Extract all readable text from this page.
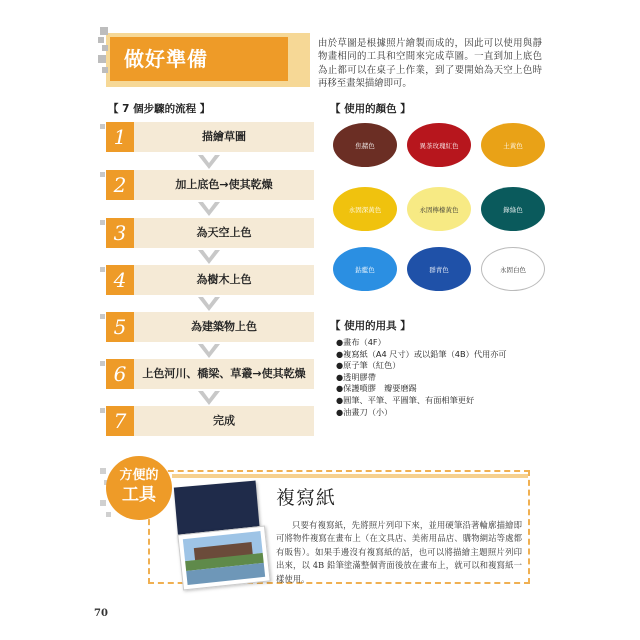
做好準備
由於草圖是根據照片繪製而成的，因此可以使用與靜物畫相同的工具和空間來完成草圖。一直到加上底色為止都可以在桌子上作業，到了要開始為天空上色時再移至畫架描繪即可。
【 7 個步驟的流程 】
1	描繪草圖
2	加上底色→使其乾燥
3	為天空上色
4	為樹木上色
5	為建築物上色
6	上色河川、橋梁、草叢→使其乾燥
7	完成
【 使用的顏色 】
焦赭色	異茶玫瑰紅色	土黃色
永固深黃色	永固檸檬黃色	錄綠色
鈷藍色	群青色	永固白色
【 使用的用具 】
●畫布（4F）
●複寫紙（A4 尺寸）或以鉛筆（4B）代用亦可
●原子筆（紅色）
●透明膠帶
●保護噴膠　瓣要磨踢
●圓筆、平筆、平圓筆、有面相筆更好
●油畫刀（小）
方便的
工具	複寫紙
只要有複寫紙，先將照片列印下來，並用硬筆沿著輪廓描繪即可將物件複寫在畫布上（在文具店、美術用品店、購物網站等處都有販售）。如果手邊沒有複寫紙的話，也可以將描繪主題照片列印出來，以 4B 鉛筆塗滿整個背面後放在畫布上，就可以和複寫紙一樣使用。
70
